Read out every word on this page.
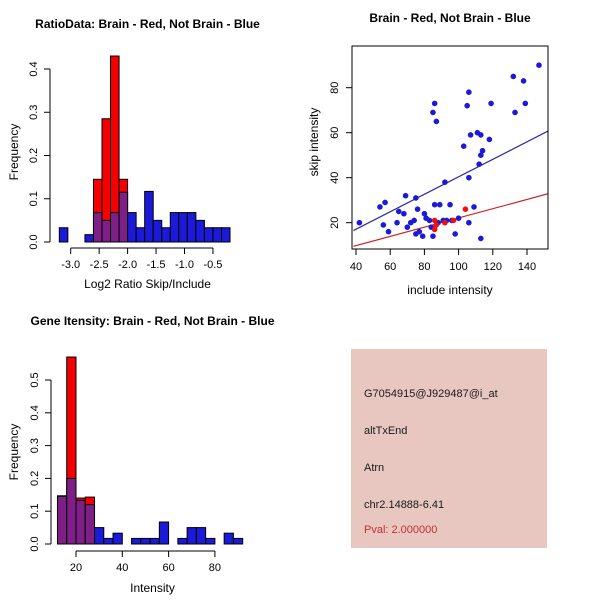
-3.0 -2.5 -2.0 -1.5 -1.0 -0.5
0.0
0.1
0.2
0.3
0.4
20	40	60	80
0.0
0.1
0.2
0.3
0.4
0.5
40 60 80 100 120 140
20
40
60
80
RatioData: Brain - Red, Not Brain - Blue
Log2 Ratio Skip/Include
Frequency
Brain - Red, Not Brain - Blue
include intensity
skip intensity
Gene Itensity: Brain - Red, Not Brain - Blue
Intensity
Frequency
G7054915@J929487@i_at
altTxEnd
Atrn
chr2.14888-6.41
Pval: 2.000000
